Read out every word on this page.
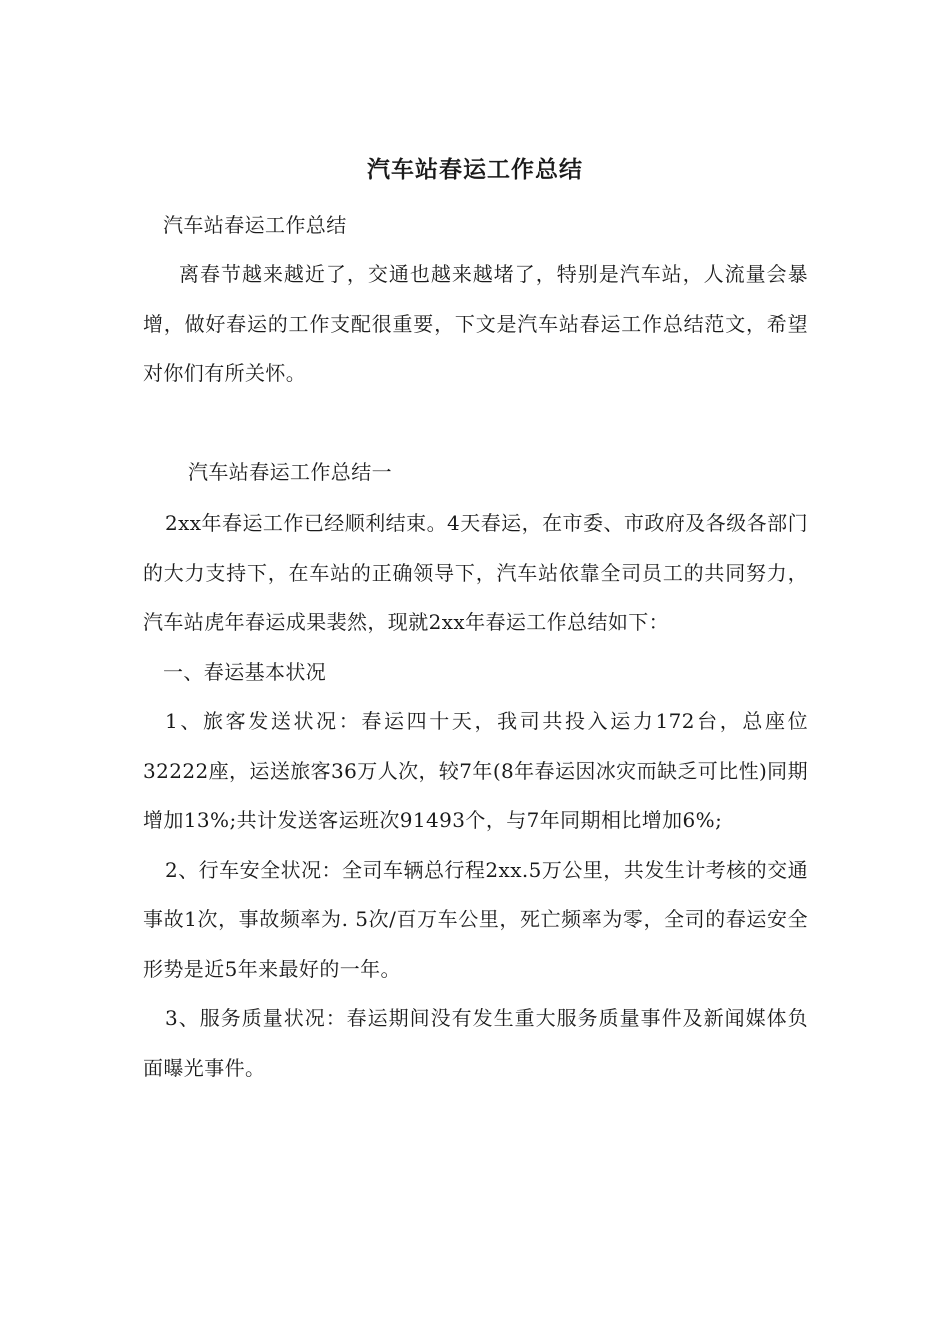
汽车站春运工作总结
汽车站春运工作总结

离春节越来越近了，交通也越来越堵了，特别是汽车站，人流量会暴增，做好春运的工作支配很重要，下文是汽车站春运工作总结范文，希望对你们有所关怀。

汽车站春运工作总结一

2xx年春运工作已经顺利结束。4天春运，在市委、市政府及各级各部门的大力支持下，在车站的正确领导下，汽车站依靠全司员工的共同努力，汽车站虎年春运成果裴然，现就2xx年春运工作总结如下：

一、春运基本状况

1、旅客发送状况：春运四十天，我司共投入运力172台，总座位32222座，运送旅客36万人次，较7年(8年春运因冰灾而缺乏可比性)同期增加13%;共计发送客运班次91493个，与7年同期相比增加6%;

2、行车安全状况：全司车辆总行程2xx.5万公里，共发生计考核的交通事故1次，事故频率为. 5次/百万车公里，死亡频率为零，全司的春运安全形势是近5年来最好的一年。

3、服务质量状况：春运期间没有发生重大服务质量事件及新闻媒体负面曝光事件。
